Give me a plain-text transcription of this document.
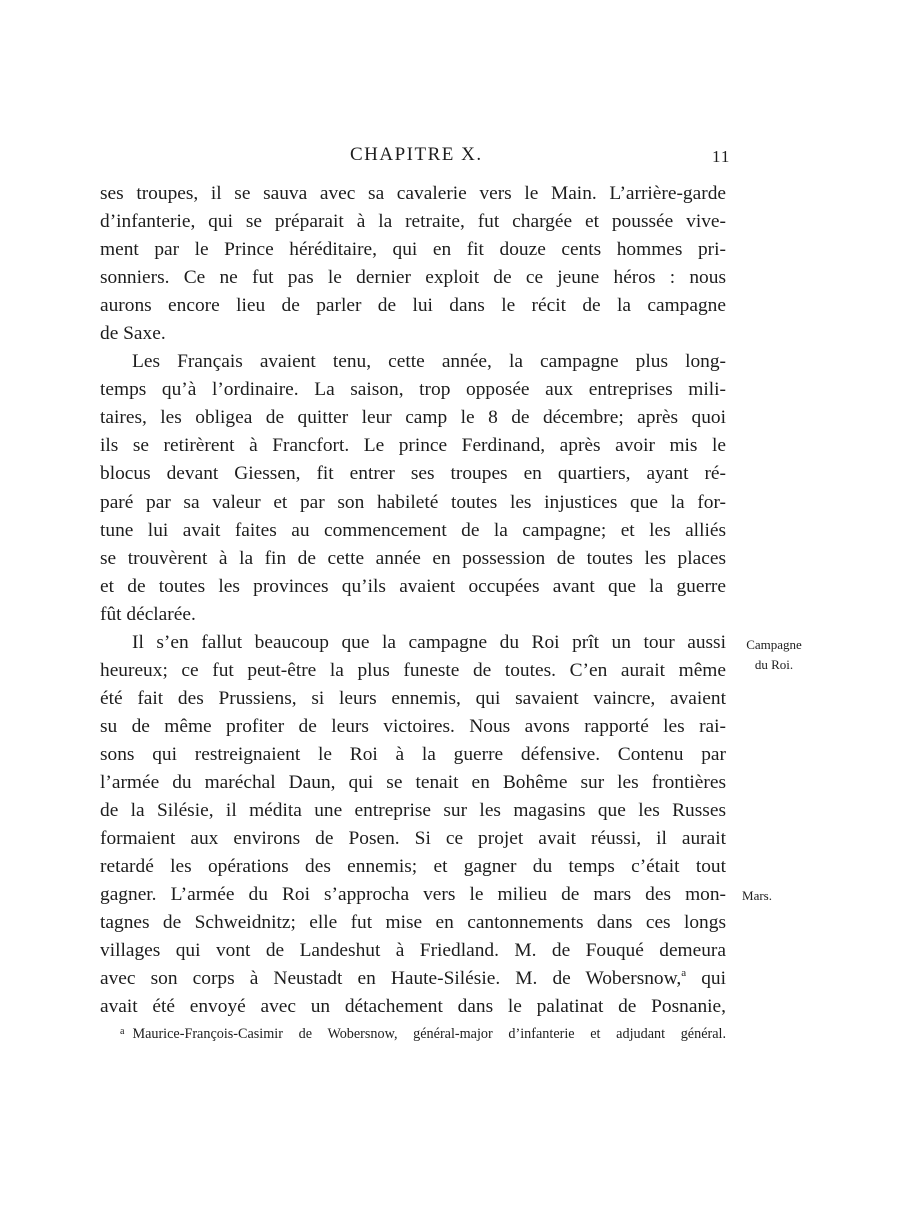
CHAPITRE X.	11
ses troupes, il se sauva avec sa cavalerie vers le Main. L’arrière-garde
d’infanterie, qui se préparait à la retraite, fut chargée et poussée vive-
ment par le Prince héréditaire, qui en fit douze cents hommes pri-
sonniers. Ce ne fut pas le dernier exploit de ce jeune héros : nous
aurons encore lieu de parler de lui dans le récit de la campagne
de Saxe.
Les Français avaient tenu, cette année, la campagne plus long-
temps qu’à l’ordinaire. La saison, trop opposée aux entreprises mili-
taires, les obligea de quitter leur camp le 8 de décembre; après quoi
ils se retirèrent à Francfort. Le prince Ferdinand, après avoir mis le
blocus devant Giessen, fit entrer ses troupes en quartiers, ayant ré-
paré par sa valeur et par son habileté toutes les injustices que la for-
tune lui avait faites au commencement de la campagne; et les alliés
se trouvèrent à la fin de cette année en possession de toutes les places
et de toutes les provinces qu’ils avaient occupées avant que la guerre
fût déclarée.
Il s’en fallut beaucoup que la campagne du Roi prît un tour aussi
heureux; ce fut peut-être la plus funeste de toutes. C’en aurait même
été fait des Prussiens, si leurs ennemis, qui savaient vaincre, avaient
su de même profiter de leurs victoires. Nous avons rapporté les rai-
sons qui restreignaient le Roi à la guerre défensive. Contenu par
l’armée du maréchal Daun, qui se tenait en Bohême sur les frontières
de la Silésie, il médita une entreprise sur les magasins que les Russes
formaient aux environs de Posen. Si ce projet avait réussi, il aurait
retardé les opérations des ennemis; et gagner du temps c’était tout
gagner. L’armée du Roi s’approcha vers le milieu de mars des mon-
tagnes de Schweidnitz; elle fut mise en cantonnements dans ces longs
villages qui vont de Landeshut à Friedland. M. de Fouqué demeura
avec son corps à Neustadt en Haute-Silésie. M. de Wobersnow,$^a$ qui
avait été envoyé avec un détachement dans le palatinat de Posnanie,
Campagne
du Roi.
Mars.
$^a$ Maurice-François-Casimir de Wobersnow, général-major d’infanterie et adjudant général.
